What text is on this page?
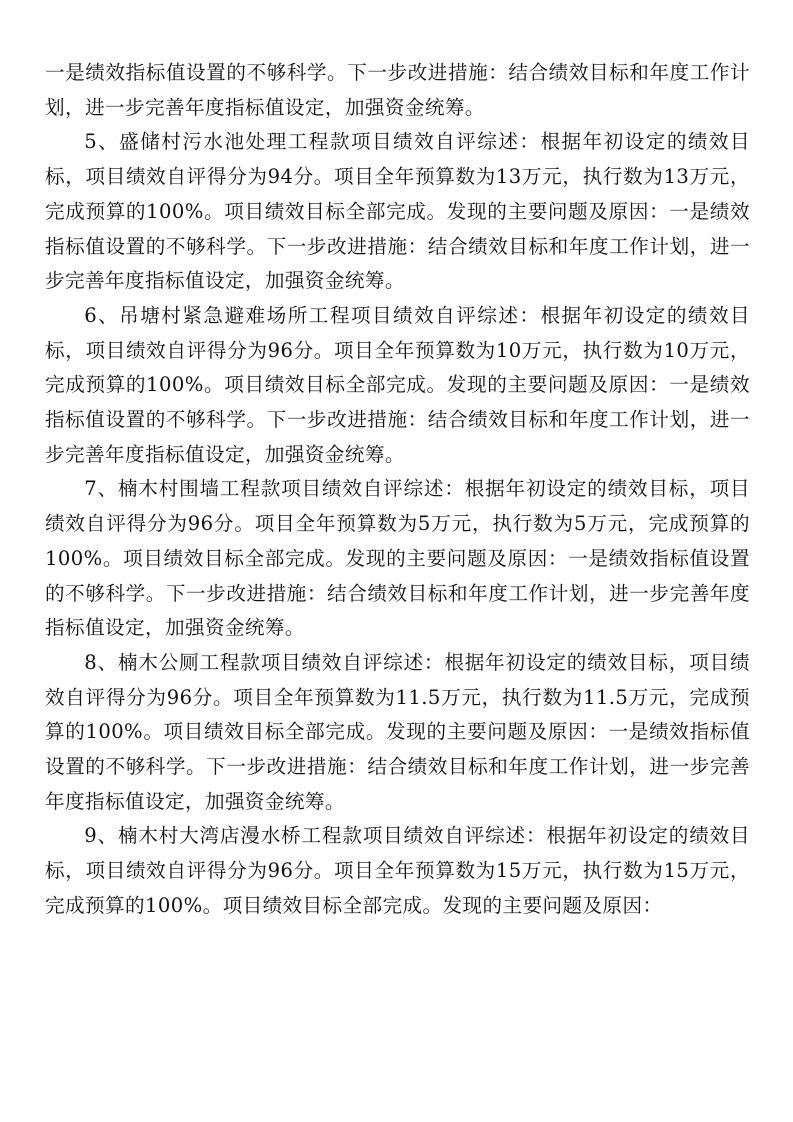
一是绩效指标值设置的不够科学。下一步改进措施：结合绩效目标和年度工作计划，进一步完善年度指标值设定，加强资金统筹。

5、盛储村污水池处理工程款项目绩效自评综述：根据年初设定的绩效目标，项目绩效自评得分为94分。项目全年预算数为13万元，执行数为13万元，完成预算的100%。项目绩效目标全部完成。发现的主要问题及原因：一是绩效指标值设置的不够科学。下一步改进措施：结合绩效目标和年度工作计划，进一步完善年度指标值设定，加强资金统筹。

6、吊塘村紧急避难场所工程项目绩效自评综述：根据年初设定的绩效目标，项目绩效自评得分为96分。项目全年预算数为10万元，执行数为10万元，完成预算的100%。项目绩效目标全部完成。发现的主要问题及原因：一是绩效指标值设置的不够科学。下一步改进措施：结合绩效目标和年度工作计划，进一步完善年度指标值设定，加强资金统筹。

7、楠木村围墙工程款项目绩效自评综述：根据年初设定的绩效目标，项目绩效自评得分为96分。项目全年预算数为5万元，执行数为5万元，完成预算的100%。项目绩效目标全部完成。发现的主要问题及原因：一是绩效指标值设置的不够科学。下一步改进措施：结合绩效目标和年度工作计划，进一步完善年度指标值设定，加强资金统筹。

8、楠木公厕工程款项目绩效自评综述：根据年初设定的绩效目标，项目绩效自评得分为96分。项目全年预算数为11.5万元，执行数为11.5万元，完成预算的100%。项目绩效目标全部完成。发现的主要问题及原因：一是绩效指标值设置的不够科学。下一步改进措施：结合绩效目标和年度工作计划，进一步完善年度指标值设定，加强资金统筹。

9、楠木村大湾店漫水桥工程款项目绩效自评综述：根据年初设定的绩效目标，项目绩效自评得分为96分。项目全年预算数为15万元，执行数为15万元，完成预算的100%。项目绩效目标全部完成。发现的主要问题及原因：
